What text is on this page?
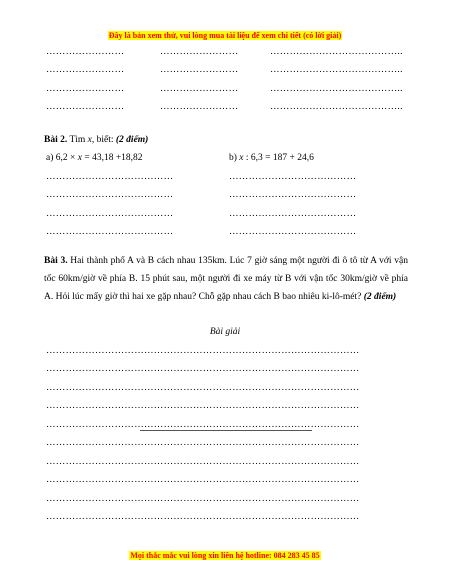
Đây là bản xem thử, vui lòng mua tài liệu để xem chi tiết (có lời giải)
……………………	……………………	…………………………………..
……………………	……………………	…………………………………..
……………………	……………………	…………………………………..
……………………	……………………	…………………………………..
Bài 2. Tìm x, biết: (2 điểm)
a) 6,2 × x = 43,18 +18,82	b) x : 6,3 = 187 + 24,6
…………………………………	…………………………………
…………………………………	…………………………………
…………………………………	…………………………………
…………………………………	…………………………………
Bài 3. Hai thành phố A và B cách nhau 135km. Lúc 7 giờ sáng một người đi ô tô từ A với vận tốc 60km/giờ về phía B. 15 phút sau, một người đi xe máy từ B với vận tốc 30km/giờ về phía A. Hỏi lúc mấy giờ thì hai xe gặp nhau? Chỗ gặp nhau cách B bao nhiêu ki-lô-mét? (2 điểm)
Bài giải
……………………………………………………………………………………
……………………………………………………………………………………
……………………………………………………………………………………
……………………………………………………………………………………
……………………………………………………………………………………
……………………………………………………………………………………
……………………………………………………………………………………
……………………………………………………………………………………
……………………………………………………………………………………
……………………………………………………………………………………
Mọi thắc mắc vui lòng xin liên hệ hotline: 084 283 45 85
